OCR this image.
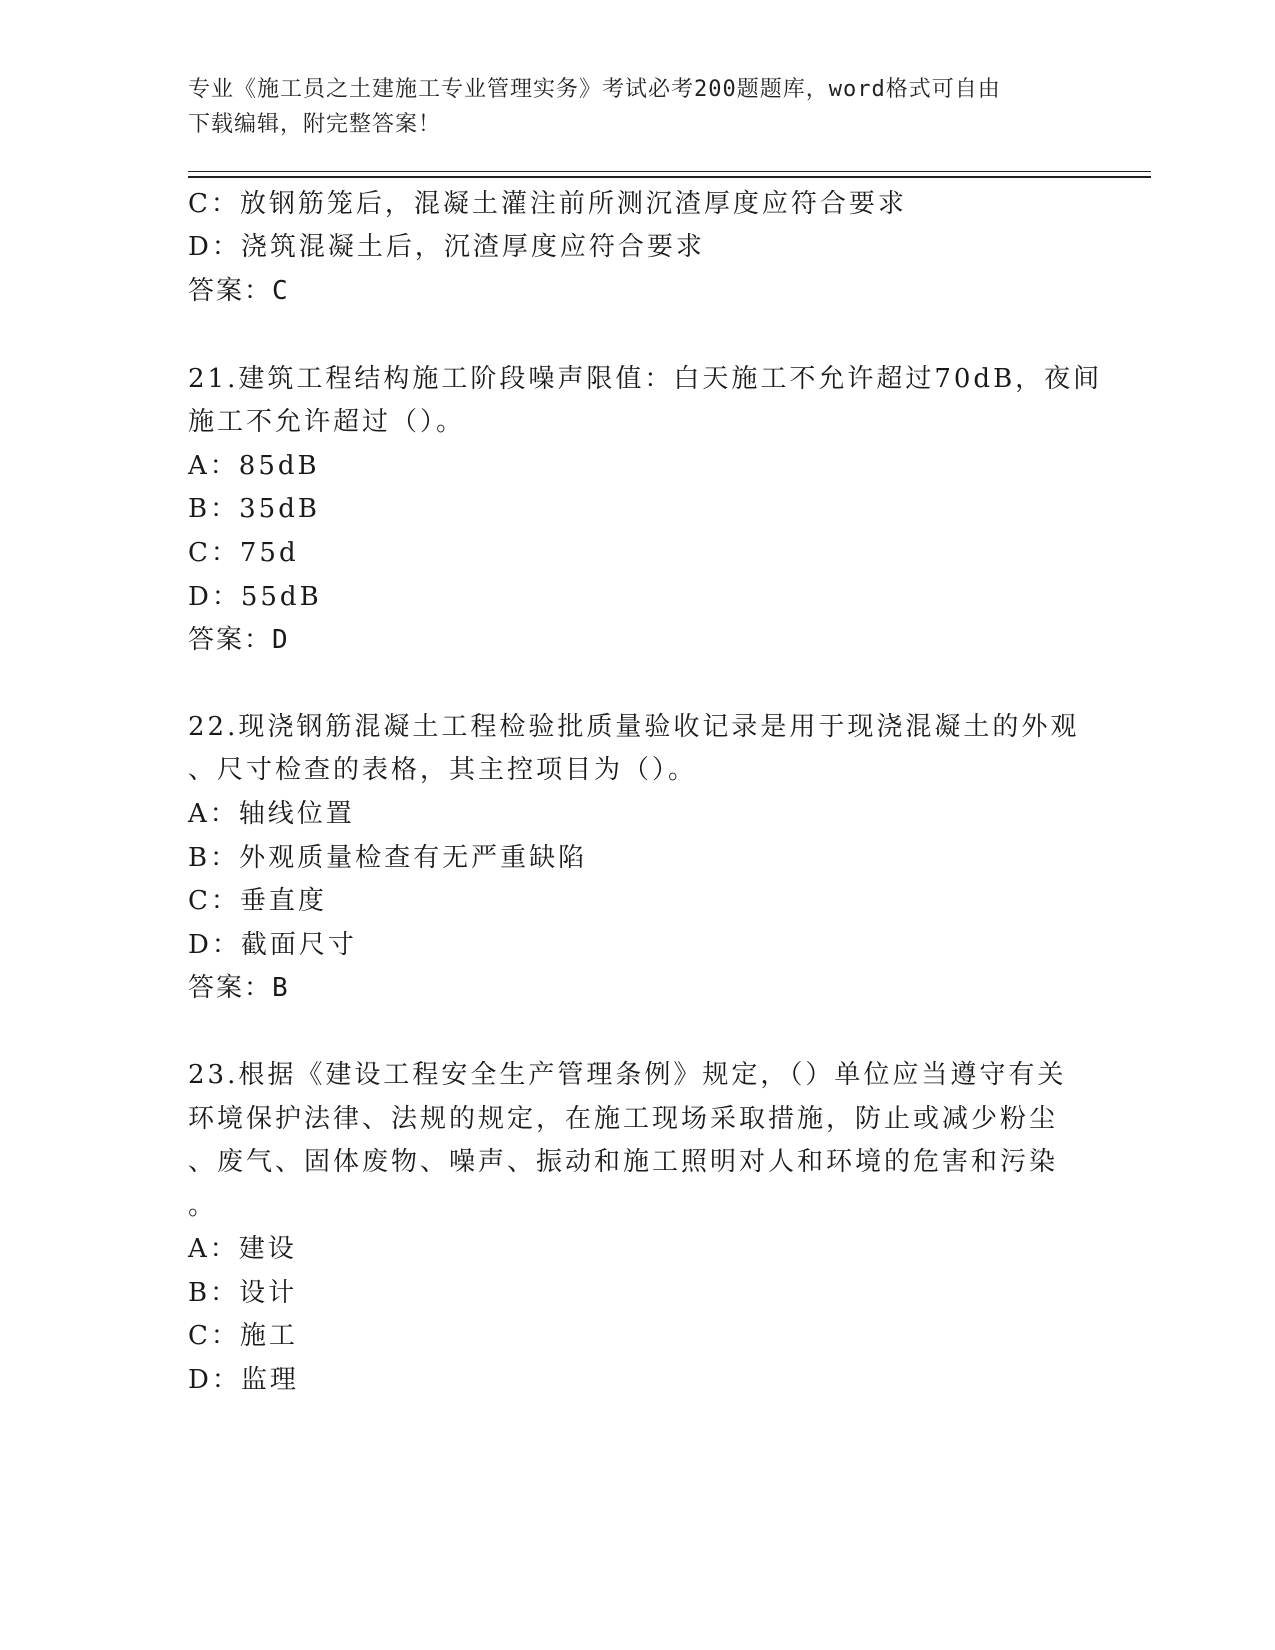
专业《施工员之土建施工专业管理实务》考试必考200题题库，word格式可自由
下载编辑，附完整答案！
C：放钢筋笼后，混凝土灌注前所测沉渣厚度应符合要求
D：浇筑混凝土后，沉渣厚度应符合要求
答案：C
21.建筑工程结构施工阶段噪声限值：白天施工不允许超过70dB，夜间
施工不允许超过（）。
A：85dB
B：35dB
C：75d
D：55dB
答案：D
22.现浇钢筋混凝土工程检验批质量验收记录是用于现浇混凝土的外观
、尺寸检查的表格，其主控项目为（）。
A：轴线位置
B：外观质量检查有无严重缺陷
C：垂直度
D：截面尺寸
答案：B
23.根据《建设工程安全生产管理条例》规定，（）单位应当遵守有关
环境保护法律、法规的规定，在施工现场采取措施，防止或减少粉尘
、废气、固体废物、噪声、振动和施工照明对人和环境的危害和污染
。
A：建设
B：设计
C：施工
D：监理
